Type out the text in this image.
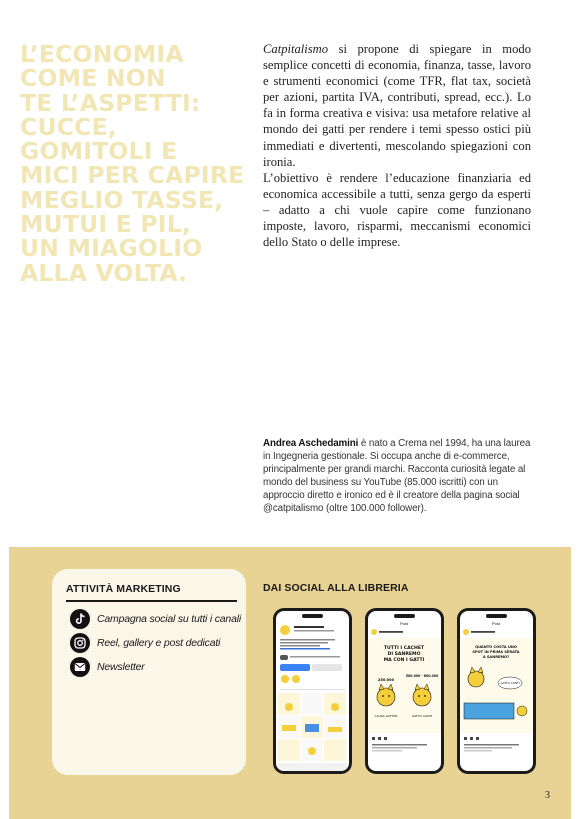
L’ECONOMIA
COME NON
TE L’ASPETTI:
CUCCE,
GOMITOLI E
MICI PER CAPIRE
MEGLIO TASSE,
MUTUI E PIL,
UN MIAGOLIO
ALLA VOLTA.

Catpitalismo si propone di spiegare in modo semplice concetti di economia, finanza, tasse, lavoro e strumenti economici (come TFR, flat tax, società per azioni, partita IVA, contributi, spread, ecc.). Lo fa in forma creativa e visiva: usa metafore relative al mondo dei gatti per rendere i temi spesso ostici più immediati e divertenti, mescolando spiegazioni con ironia.

L’obiettivo è rendere l’educazione finanziaria ed economica accessibile a tutti, senza gergo da esperti – adatto a chi vuole capire come funzionano imposte, lavoro, risparmi, meccanismi economici dello Stato o delle imprese.

Andrea Aschedamini è nato a Crema nel 1994, ha una laurea in Ingegneria gestionale. Si occupa anche di e-commerce, principalmente per grandi marchi. Racconta curiosità legate al mondo del business su YouTube (85.000 iscritti) con un approccio diretto e ironico ed è il creatore della pagina social @catpitalismo (oltre 100.000 follower).
ATTIVITÀ MARKETING
Campagna social su tutti i canali
Reel, gallery e post dedicati
Newsletter
DAI SOCIAL ALLA LIBRERIA
Post
TUTTI I CACHET
DI SANREMO
MA CON I GATTI
250.000
500.000 - 600.000
LAURA GATTINI	GATTO CONTI
Post
QUANTO COSTA UNO
SPOT IN PRIMA SERATA
A SANREMO?
GATTO CONTI
3
